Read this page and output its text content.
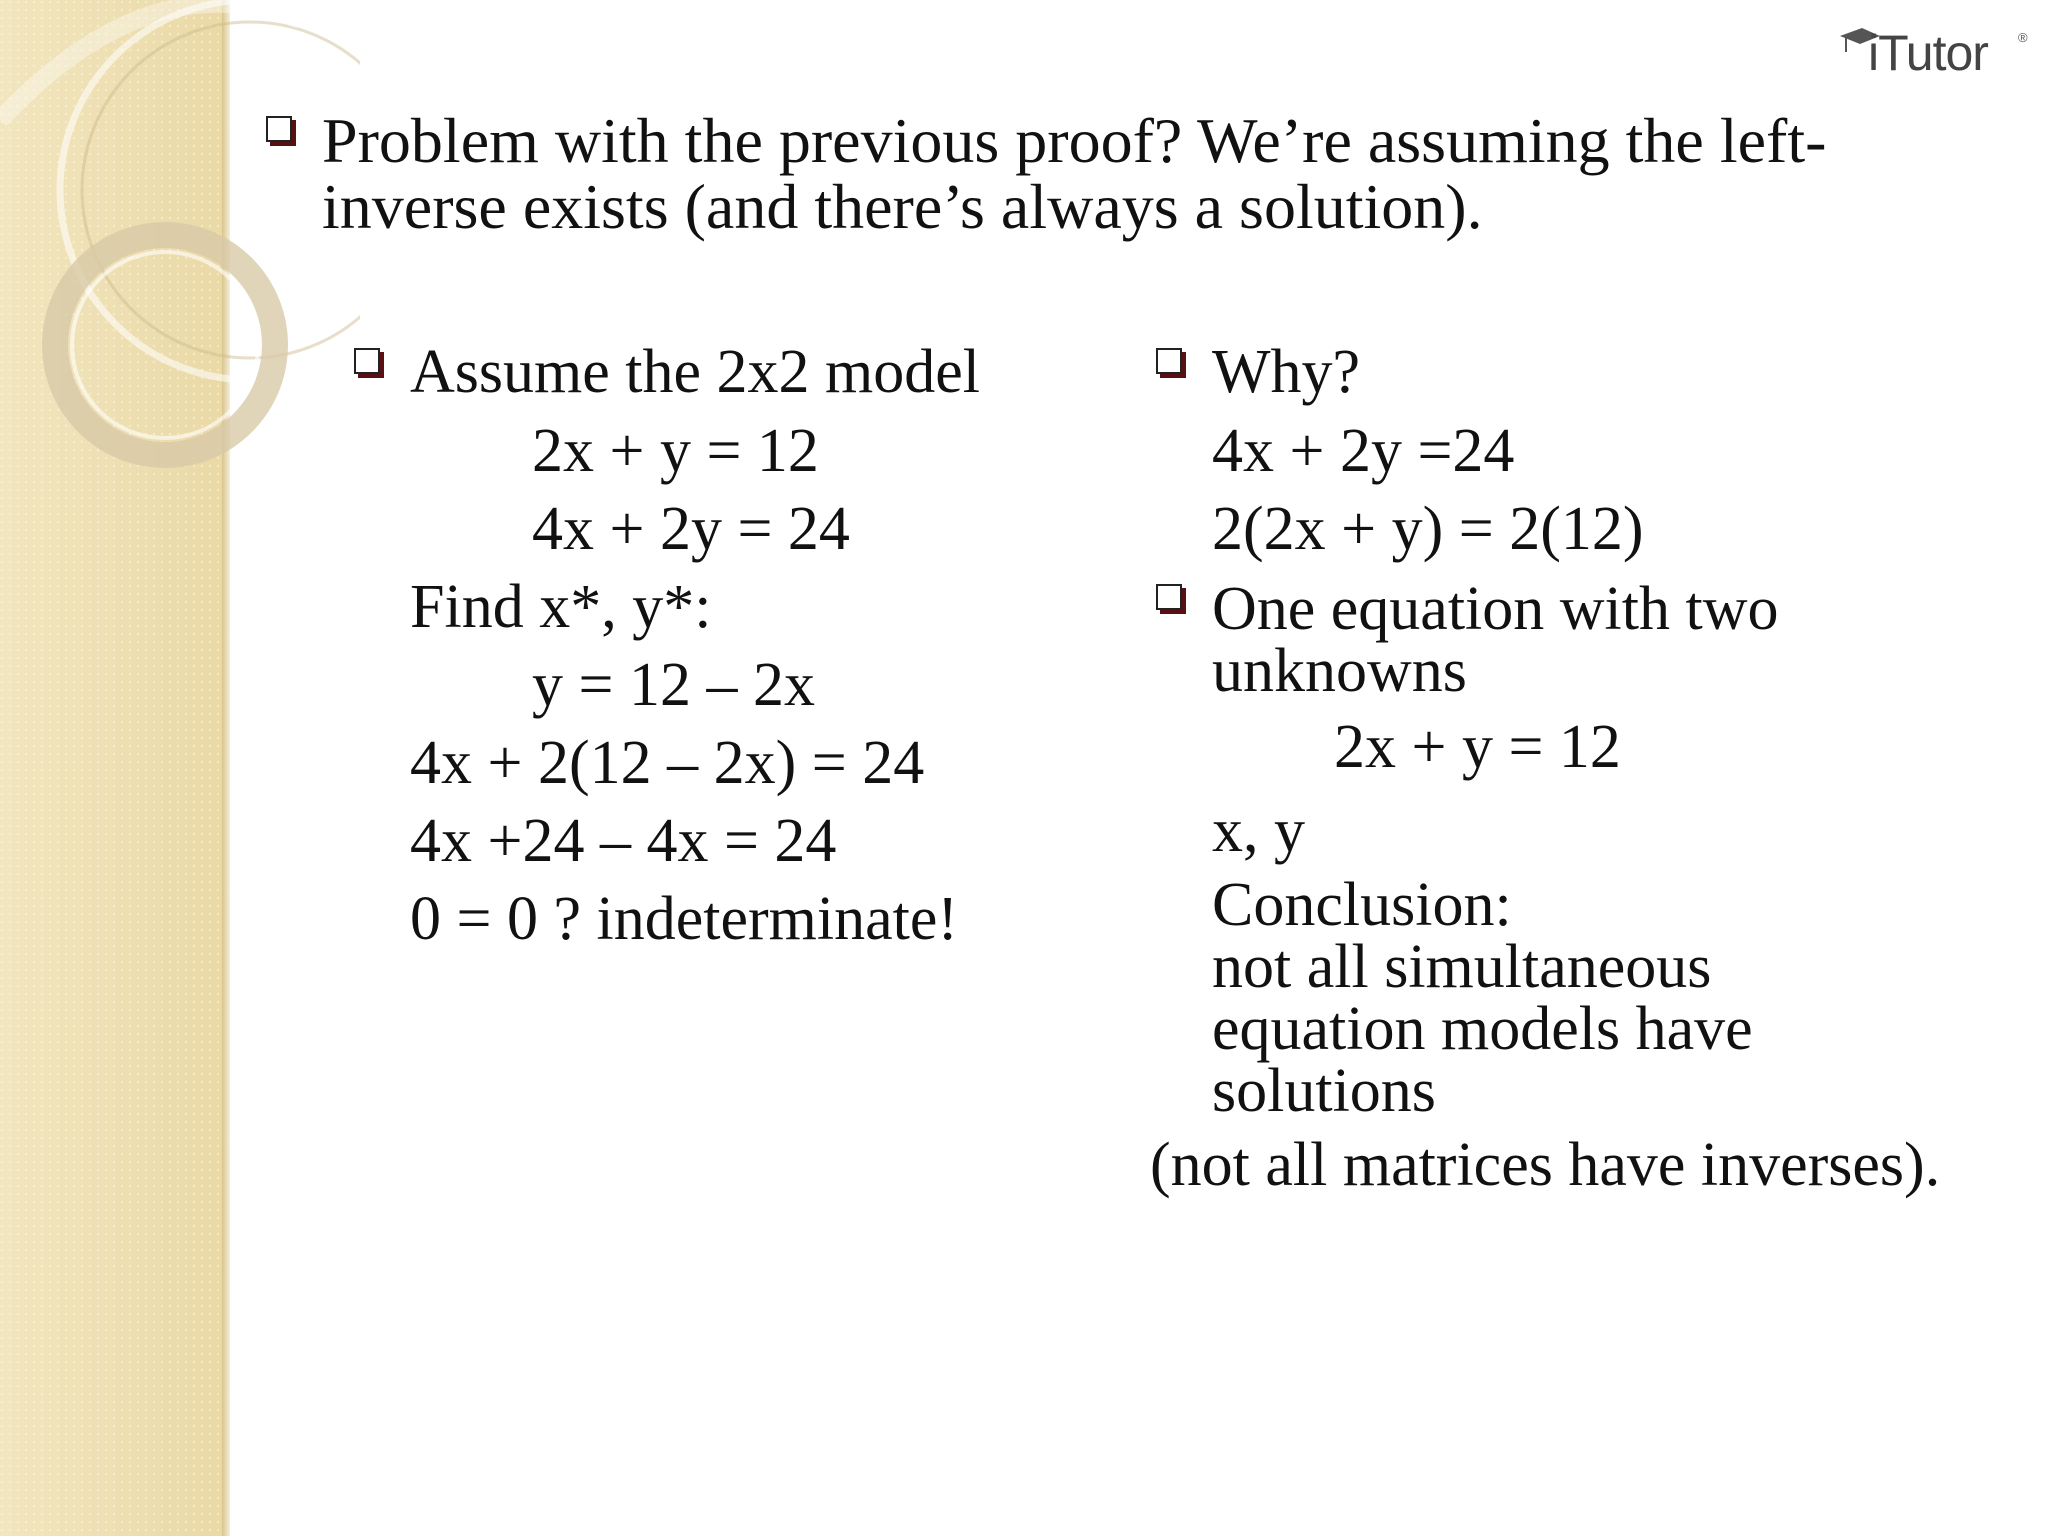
iTutor ®
Problem with the previous proof? We’re assuming the left-inverse exists (and there’s always a solution).
Assume the 2x2 model
2x + y = 12
4x + 2y = 24
Find x*, y*:
y = 12 – 2x
4x + 2(12 – 2x) = 24
4x +24 – 4x = 24
0 = 0 ? indeterminate!
Why?
4x + 2y =24
2(2x + y) = 2(12)
One equation with two unknowns
2x + y = 12
x, y
Conclusion:
not all simultaneous equation models have solutions
(not all matrices have inverses).
